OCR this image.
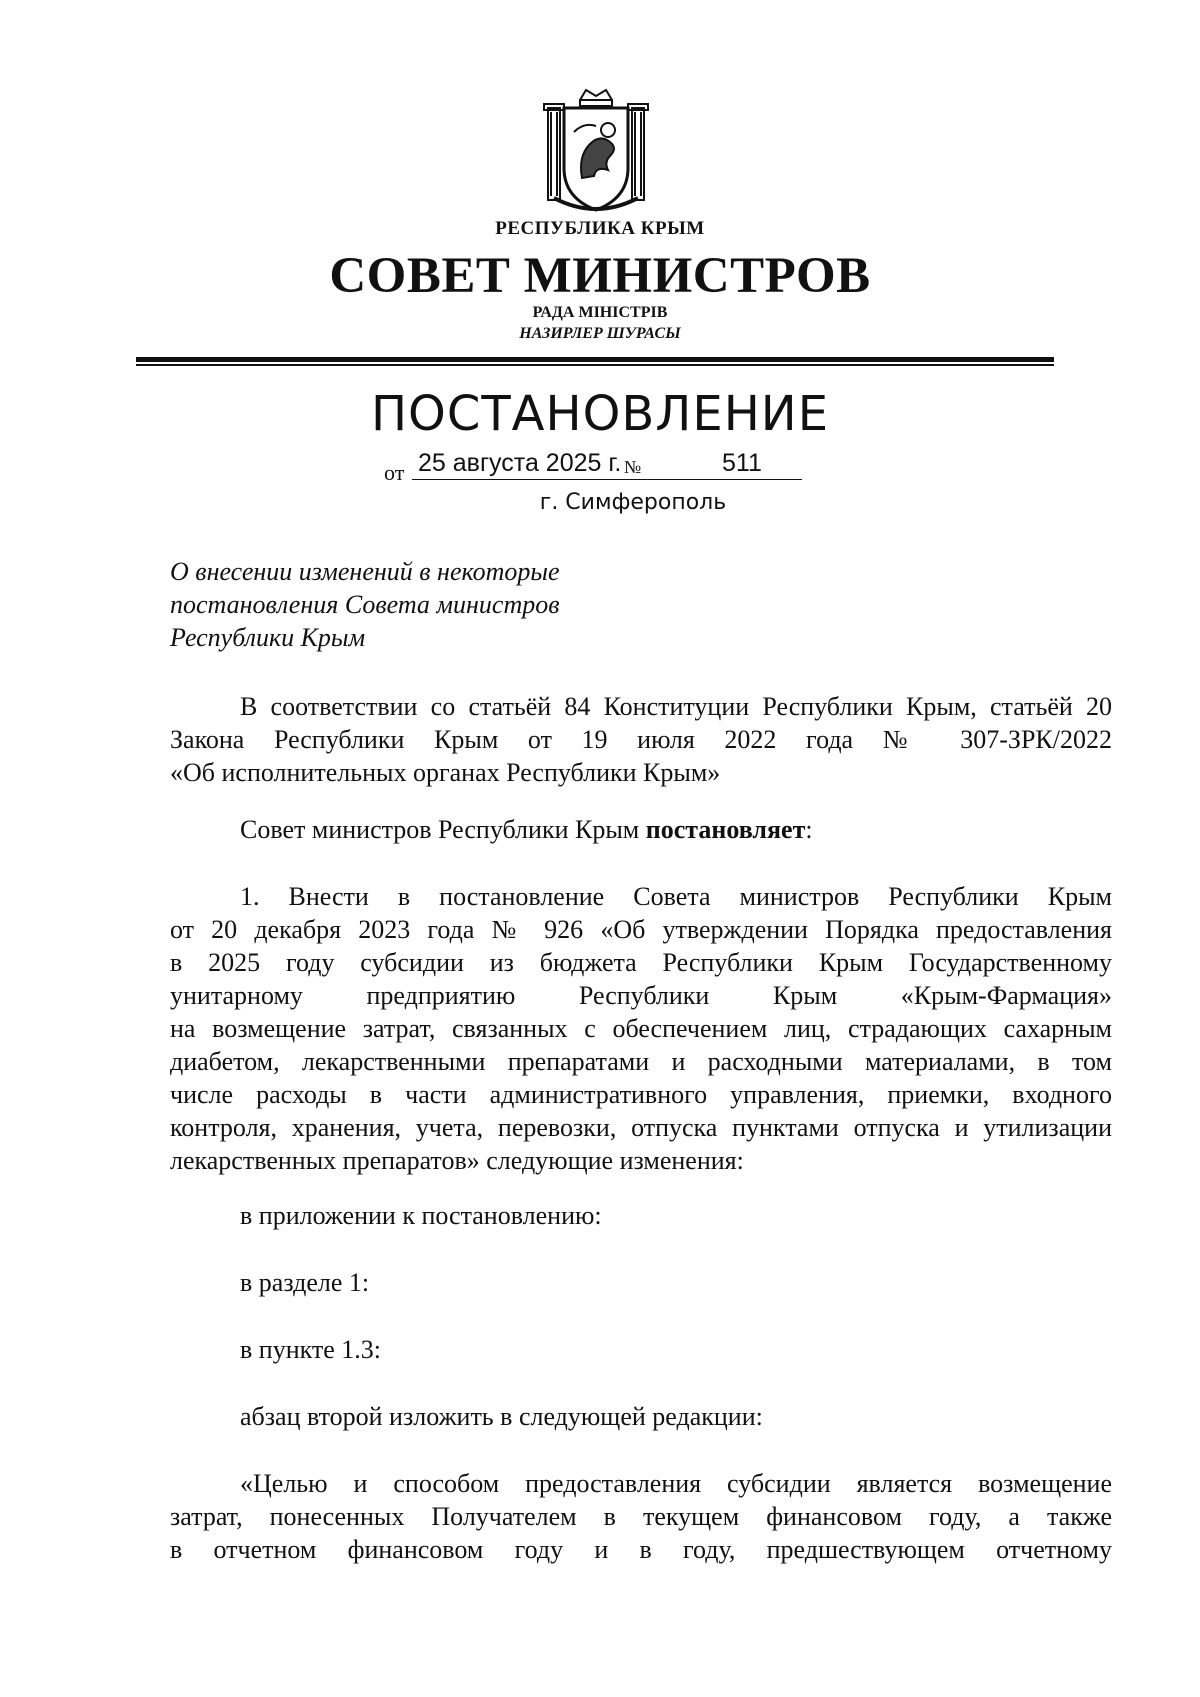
РЕСПУБЛИКА КРЫМ
СОВЕТ МИНИСТРОВ
РАДА МІНІСТРІВ
НАЗИРЛЕР ШУРАСЫ
ПОСТАНОВЛЕНИЕ
от 25 августа 2025 г. №	511
г. Симферополь
О внесении изменений в некоторые
постановления Совета министров
Республики Крым
В соответствии со статьёй 84 Конституции Республики Крым, статьёй 20
Закона Республики Крым от 19 июля 2022 года № 307-ЗРК/2022
«Об исполнительных органах Республики Крым»
Совет министров Республики Крым постановляет:
1. Внести в постановление Совета министров Республики Крым
от 20 декабря 2023 года № 926 «Об утверждении Порядка предоставления
в 2025 году субсидии из бюджета Республики Крым Государственному
унитарному предприятию Республики Крым «Крым-Фармация»
на возмещение затрат, связанных с обеспечением лиц, страдающих сахарным
диабетом, лекарственными препаратами и расходными материалами, в том
числе расходы в части административного управления, приемки, входного
контроля, хранения, учета, перевозки, отпуска пунктами отпуска и утилизации
лекарственных препаратов» следующие изменения:
в приложении к постановлению:
в разделе 1:
в пункте 1.3:
абзац второй изложить в следующей редакции:
«Целью и способом предоставления субсидии является возмещение
затрат, понесенных Получателем в текущем финансовом году, а также
в отчетном финансовом году и в году, предшествующем отчетному
